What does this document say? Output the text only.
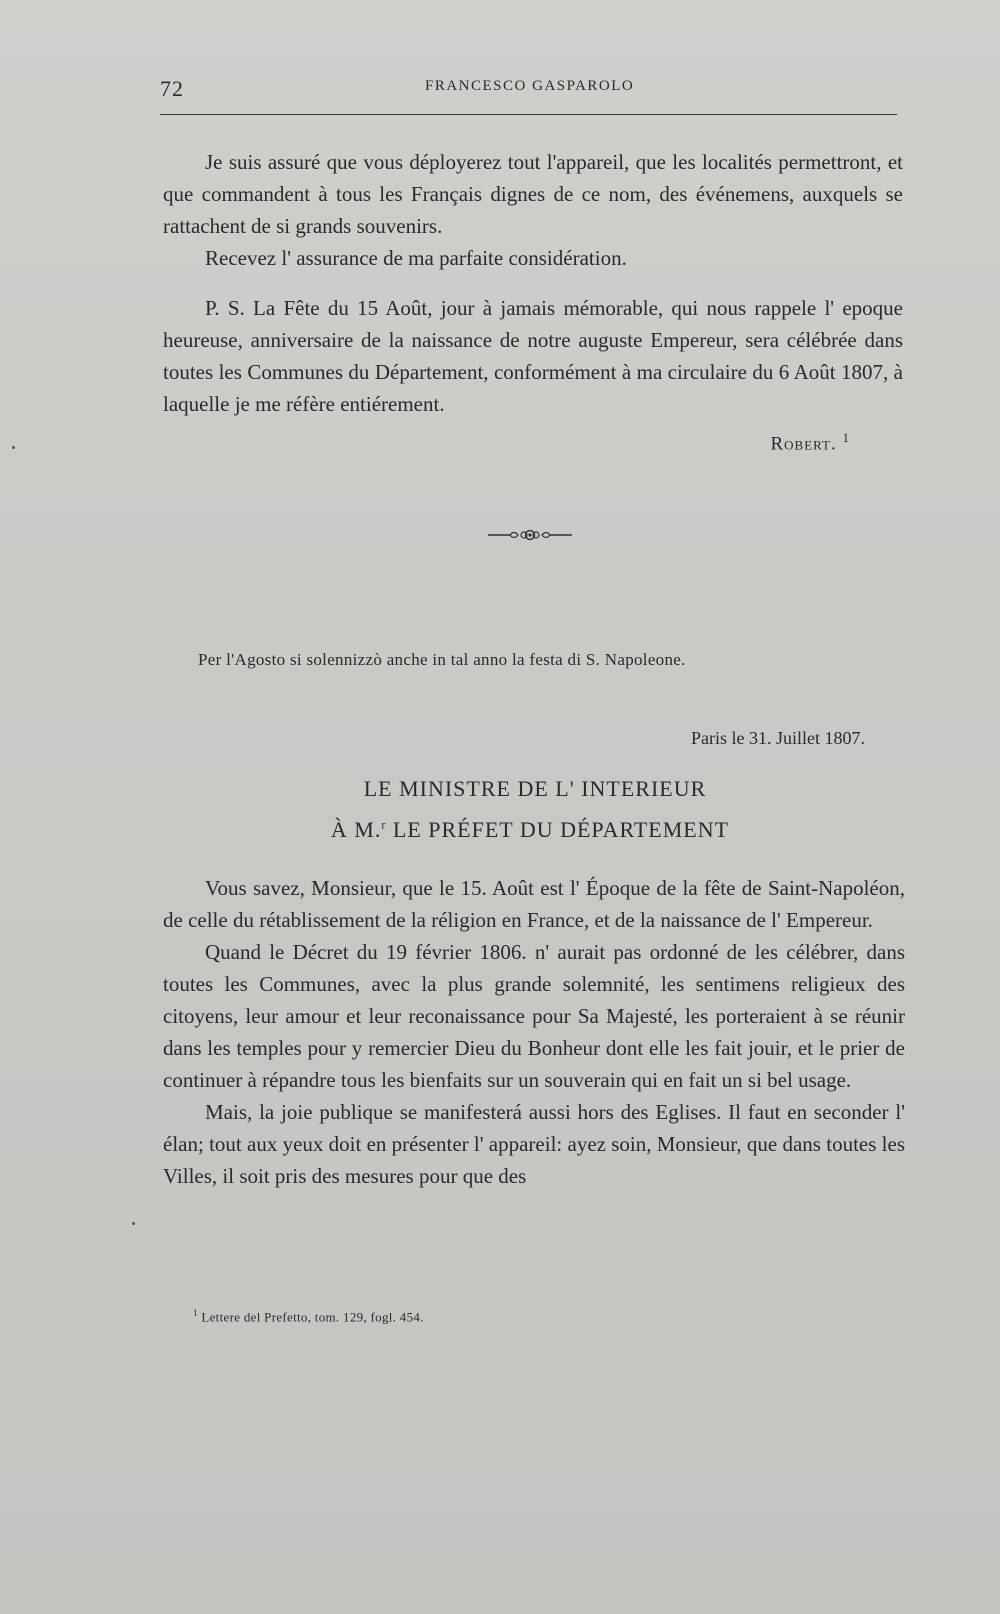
72	FRANCESCO GASPAROLO

Je suis assuré que vous déployerez tout l'appareil, que les localités permettront, et que commandent à tous les Français dignes de ce nom, des événemens, auxquels se rattachent de si grands souvenirs.

Recevez l' assurance de ma parfaite considération.

P. S. La Fête du 15 Août, jour à jamais mémorable, qui nous rappele l' epoque heureuse, anniversaire de la naissance de notre auguste Empereur, sera célébrée dans toutes les Communes du Département, conformément à ma circulaire du 6 Août 1807, à laquelle je me réfère entiérement.

Robert. $^1$
Per l'Agosto si solennizzò anche in tal anno la festa di S. Napoleone.
Paris le 31. Juillet 1807.
LE MINISTRE DE L' INTERIEUR
À M.$^r$ LE PRÉFET DU DÉPARTEMENT

Vous savez, Monsieur, que le 15. Août est l' Époque de la fête de Saint-Napoléon, de celle du rétablissement de la réligion en France, et de la naissance de l' Empereur.

Quand le Décret du 19 février 1806. n' aurait pas ordonné de les célébrer, dans toutes les Communes, avec la plus grande solemnité, les sentimens religieux des citoyens, leur amour et leur reconaissance pour Sa Majesté, les porteraient à se réunir dans les temples pour y remercier Dieu du Bonheur dont elle les fait jouir, et le prier de continuer à répandre tous les bienfaits sur un souverain qui en fait un si bel usage.

Mais, la joie publique se manifesterá aussi hors des Eglises. Il faut en seconder l' élan; tout aux yeux doit en présenter l' appareil: ayez soin, Monsieur, que dans toutes les Villes, il soit pris des mesures pour que des

$^1$ Lettere del Prefetto, tom. 129, fogl. 454.
